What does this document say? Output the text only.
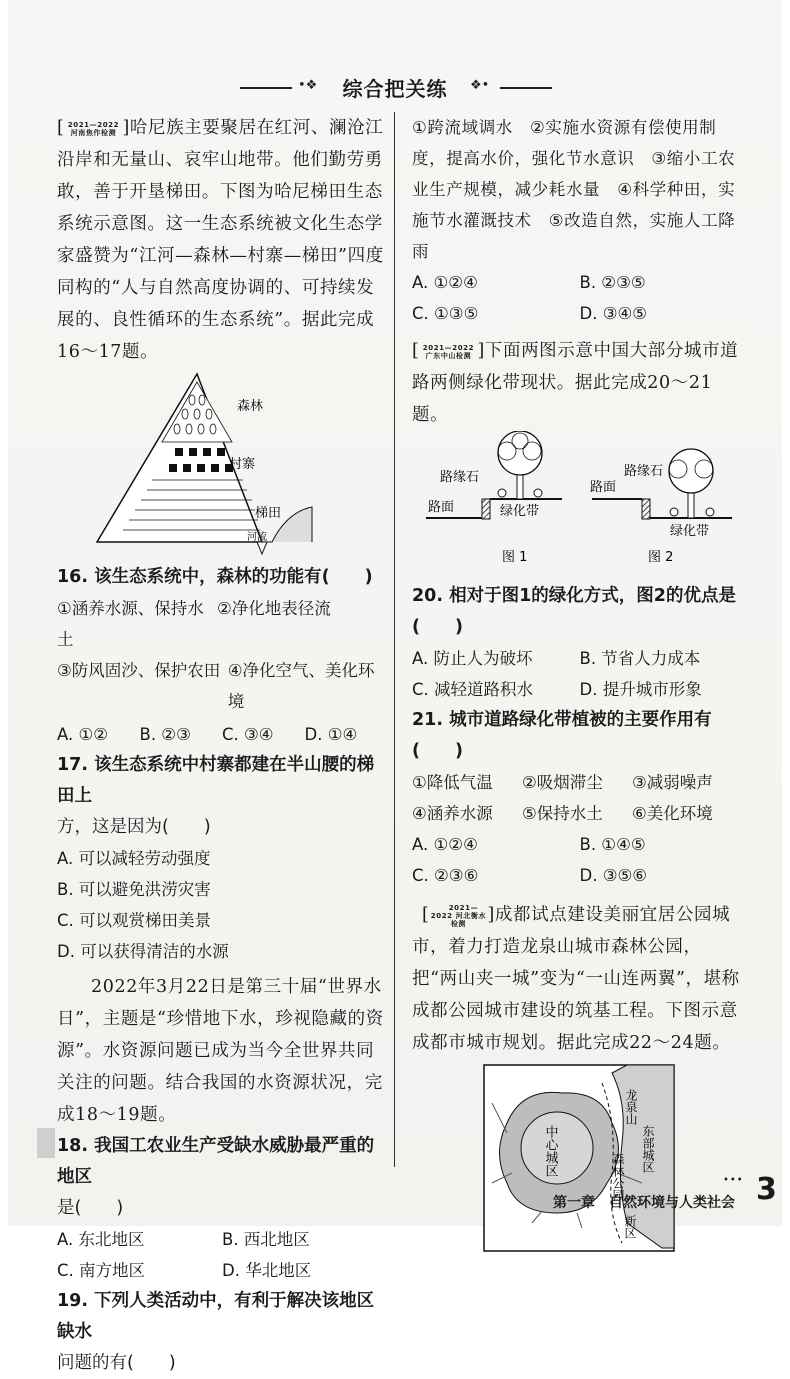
•❖	综合把关练	❖•

[ 2021—2022 河南焦作检测 ]哈尼族主要聚居在红河、澜沧江沿岸和无量山、哀牢山地带。他们勤劳勇敢，善于开垦梯田。下图为哈尼梯田生态系统示意图。这一生态系统被文化生态学家盛赞为“江河—森林—村寨—梯田”四度同构的“人与自然高度协调的、可持续发展的、良性循环的生态系统”。据此完成16～17题。

森林
村寨
梯田
河流

16. 该生态系统中，森林的功能有(　　)

①涵养水源、保持水土
②净化地表径流

③防风固沙、保护农田 ④净化空气、美化环境

A. ①②	B. ②③	C. ③④	D. ①④

17. 该生态系统中村寨都建在半山腰的梯田上

方，这是因为(　　)

A. 可以减轻劳动强度

B. 可以避免洪涝灾害

C. 可以观赏梯田美景

D. 可以获得清洁的水源

2022年3月22日是第三十届“世界水日”，主题是“珍惜地下水，珍视隐藏的资源”。水资源问题已成为当今全世界共同关注的问题。结合我国的水资源状况，完成18～19题。

18. 我国工农业生产受缺水威胁最严重的地区

是(　　)

A. 东北地区	B. 西北地区

C. 南方地区	D. 华北地区

19. 下列人类活动中，有利于解决该地区缺水

问题的有(　　)

①跨流域调水　②实施水资源有偿使用制度，提高水价，强化节水意识　③缩小工农业生产规模，减少耗水量　④科学种田，实施节水灌溉技术　⑤改造自然，实施人工降雨

A. ①②④	B. ②③⑤

C. ①③⑤	D. ③④⑤

[ 2021—2022 广东中山检测 ]下面两图示意中国大部分城市道路两侧绿化带现状。据此完成20～21题。

路缘石
路面	绿化带
路面
路缘石
绿化带
图 1	图 2

20. 相对于图1的绿化方式，图2的优点是(　　)

A. 防止人为破坏	B. 节省人力成本

C. 减轻道路积水	D. 提升城市形象

21. 城市道路绿化带植被的主要作用有(　　)

①降低气温	②吸烟滞尘	③减弱噪声

④涵养水源	⑤保持水土	⑥美化环境

A. ①②④	B. ①④⑤

C. ②③⑥	D. ③⑤⑥

[	2021—2022 河北衡水检测 ]成都试点建设美丽宜居公园城市，着力打造龙泉山城市森林公园，把“两山夹一城”变为“一山连两翼”，堪称成都公园城市建设的筑基工程。下图示意成都市城市规划。据此完成22～24题。

龙泉山
中心城区	森林公园
东部城区
新区
•••
第一章　自然环境与人类社会 3
